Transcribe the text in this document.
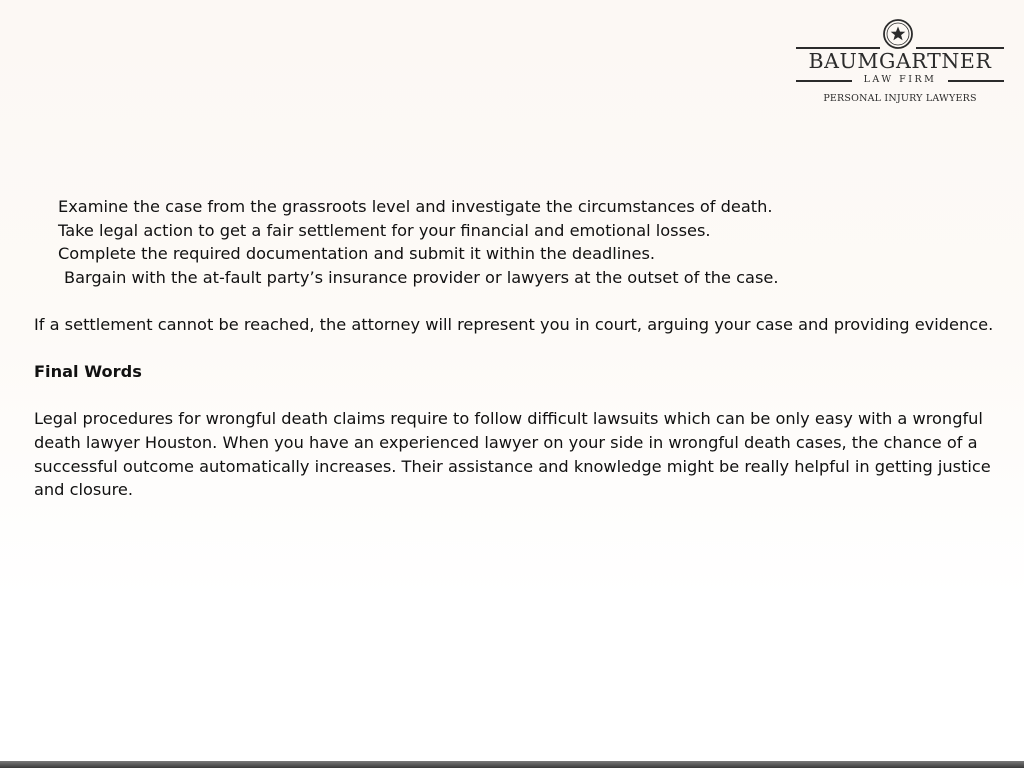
BAUMGARTNER
LAW FIRM
PERSONAL INJURY LAWYERS
Examine the case from the grassroots level and investigate the circumstances of death.
Take legal action to get a fair settlement for your financial and emotional losses.
Complete the required documentation and submit it within the deadlines.
Bargain with the at-fault party’s insurance provider or lawyers at the outset of the case.

If a settlement cannot be reached, the attorney will represent you in court, arguing your case and providing evidence.

Final Words

Legal procedures for wrongful death claims require to follow difficult lawsuits which can be only easy with a wrongful death lawyer Houston. When you have an experienced lawyer on your side in wrongful death cases, the chance of a successful outcome automatically increases. Their assistance and knowledge might be really helpful in getting justice and closure.
